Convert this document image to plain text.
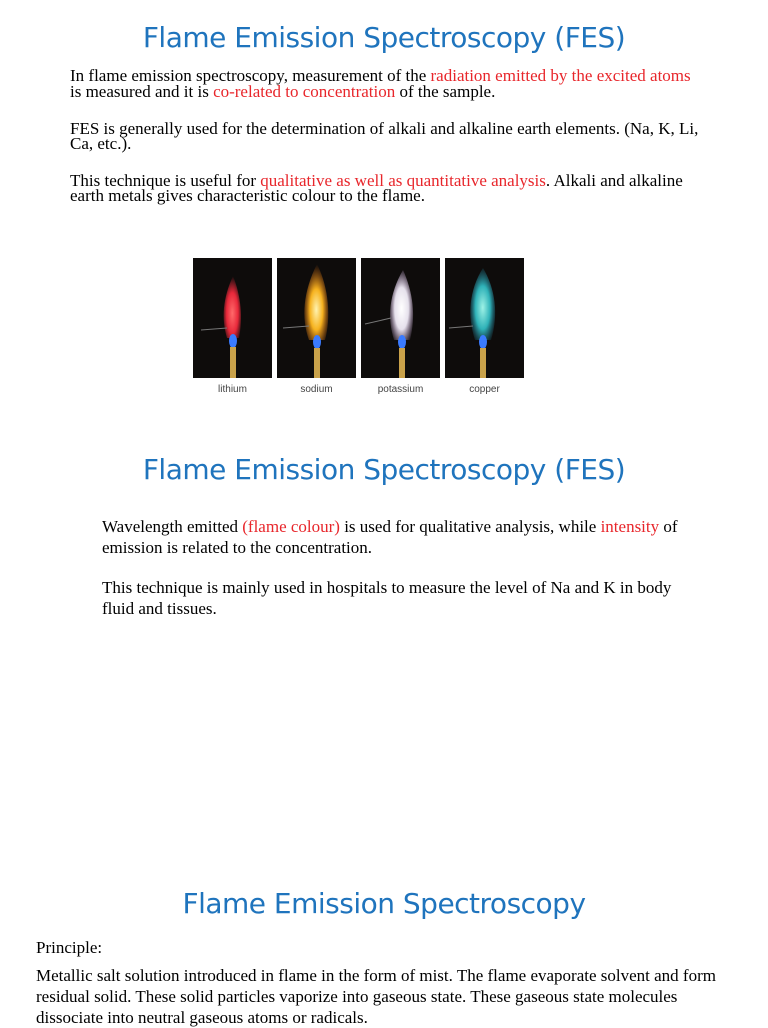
Flame Emission Spectroscopy (FES)

In flame emission spectroscopy, measurement of the radiation emitted by the excited atoms is measured and it is co-related to concentration of the sample.

FES is generally used for the determination of alkali and alkaline earth elements. (Na, K, Li, Ca, etc.).

This technique is useful for qualitative as well as quantitative analysis. Alkali and alkaline earth metals gives characteristic colour to the flame.

lithium	sodium	potassium	copper
Flame Emission Spectroscopy (FES)

Wavelength emitted (flame colour) is used for qualitative analysis, while intensity of emission is related to the concentration.

This technique is mainly used in hospitals to measure the level of Na and K in body fluid and tissues.

Flame Emission Spectroscopy

Principle:

Metallic salt solution introduced in flame in the form of mist. The flame evaporate solvent and form residual solid. These solid particles vaporize into gaseous state. These gaseous state molecules dissociate into neutral gaseous atoms or radicals.
